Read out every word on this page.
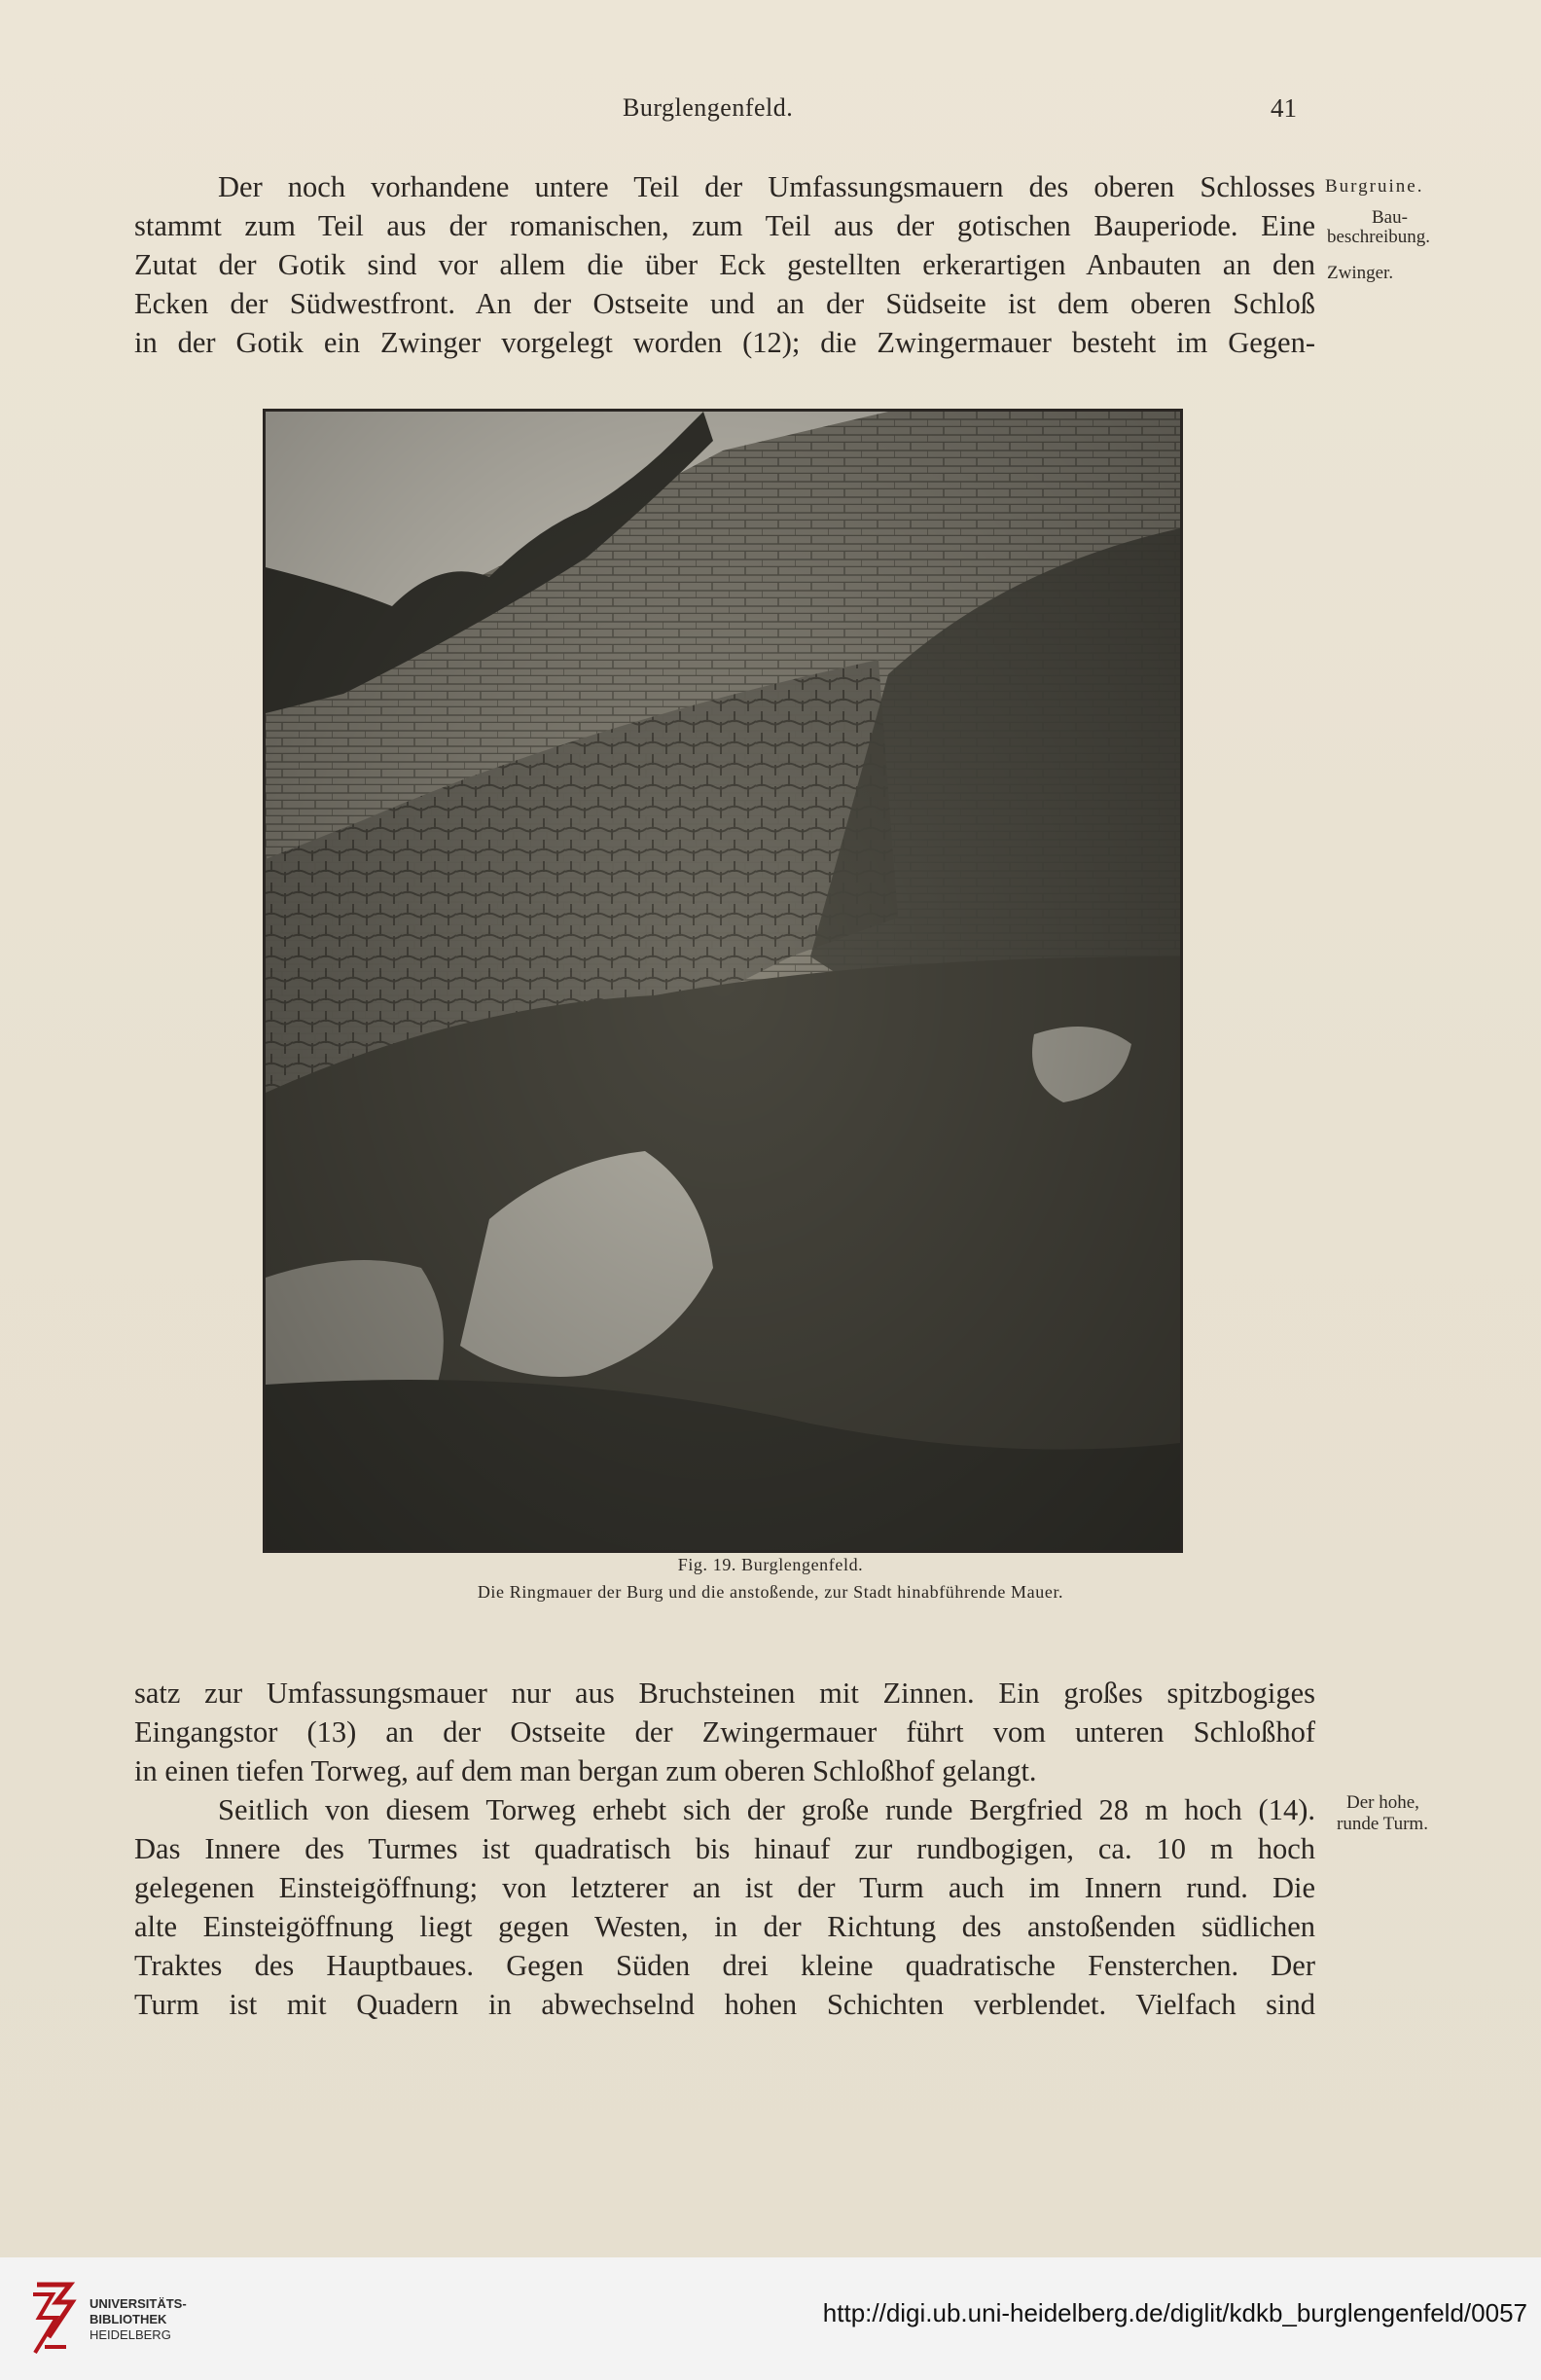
Burglengenfeld.	41
Der noch vorhandene untere Teil der Umfassungsmauern des oberen Schlosses
stammt zum Teil aus der romanischen, zum Teil aus der gotischen Bauperiode. Eine
Zutat der Gotik sind vor allem die über Eck gestellten erkerartigen Anbauten an den
Ecken der Südwestfront. An der Ostseite und an der Südseite ist dem oberen Schloß
in der Gotik ein Zwinger vorgelegt worden (12); die Zwingermauer besteht im Gegen-
Burgruine.
Bau-
beschreibung.
Zwinger.
Fig. 19. Burglengenfeld.
Die Ringmauer der Burg und die anstoßende, zur Stadt hinabführende Mauer.
satz zur Umfassungsmauer nur aus Bruchsteinen mit Zinnen. Ein großes spitzbogiges
Eingangstor (13) an der Ostseite der Zwingermauer führt vom unteren Schloßhof
in einen tiefen Torweg, auf dem man bergan zum oberen Schloßhof gelangt.
Seitlich von diesem Torweg erhebt sich der große runde Bergfried 28 m hoch (14).
Das Innere des Turmes ist quadratisch bis hinauf zur rundbogigen, ca. 10 m hoch
gelegenen Einsteigöffnung; von letzterer an ist der Turm auch im Innern rund. Die
alte Einsteigöffnung liegt gegen Westen, in der Richtung des anstoßenden südlichen
Traktes des Hauptbaues. Gegen Süden drei kleine quadratische Fensterchen. Der
Turm ist mit Quadern in abwechselnd hohen Schichten verblendet. Vielfach sind
Der hohe,
runde Turm.
UNIVERSITÄTS-
BIBLIOTHEK
HEIDELBERG
http://digi.ub.uni-heidelberg.de/diglit/kdkb_burglengenfeld/0057
